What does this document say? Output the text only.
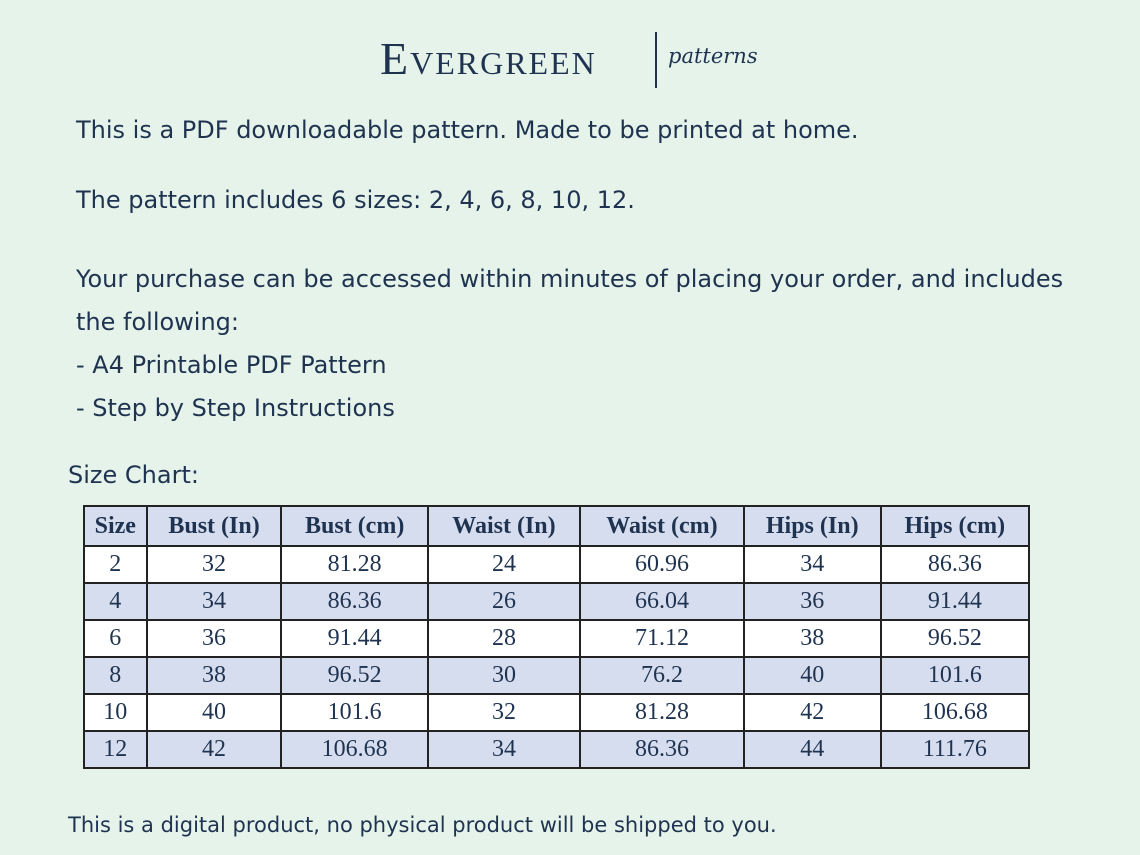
Evergreen	patterns
This is a PDF downloadable pattern. Made to be printed at home.
The pattern includes 6 sizes: 2, 4, 6, 8, 10, 12.
Your purchase can be accessed within minutes of placing your order, and includes
the following:
- A4 Printable PDF Pattern
- Step by Step Instructions
Size Chart:
Size	Bust (In)	Bust (cm)	Waist (In)	Waist (cm)	Hips (In)	Hips (cm)
2	32	81.28	24	60.96	34	86.36
4	34	86.36	26	66.04	36	91.44
6	36	91.44	28	71.12	38	96.52
8	38	96.52	30	76.2	40	101.6
10	40	101.6	32	81.28	42	106.68
12	42	106.68	34	86.36	44	111.76
This is a digital product, no physical product will be shipped to you.
